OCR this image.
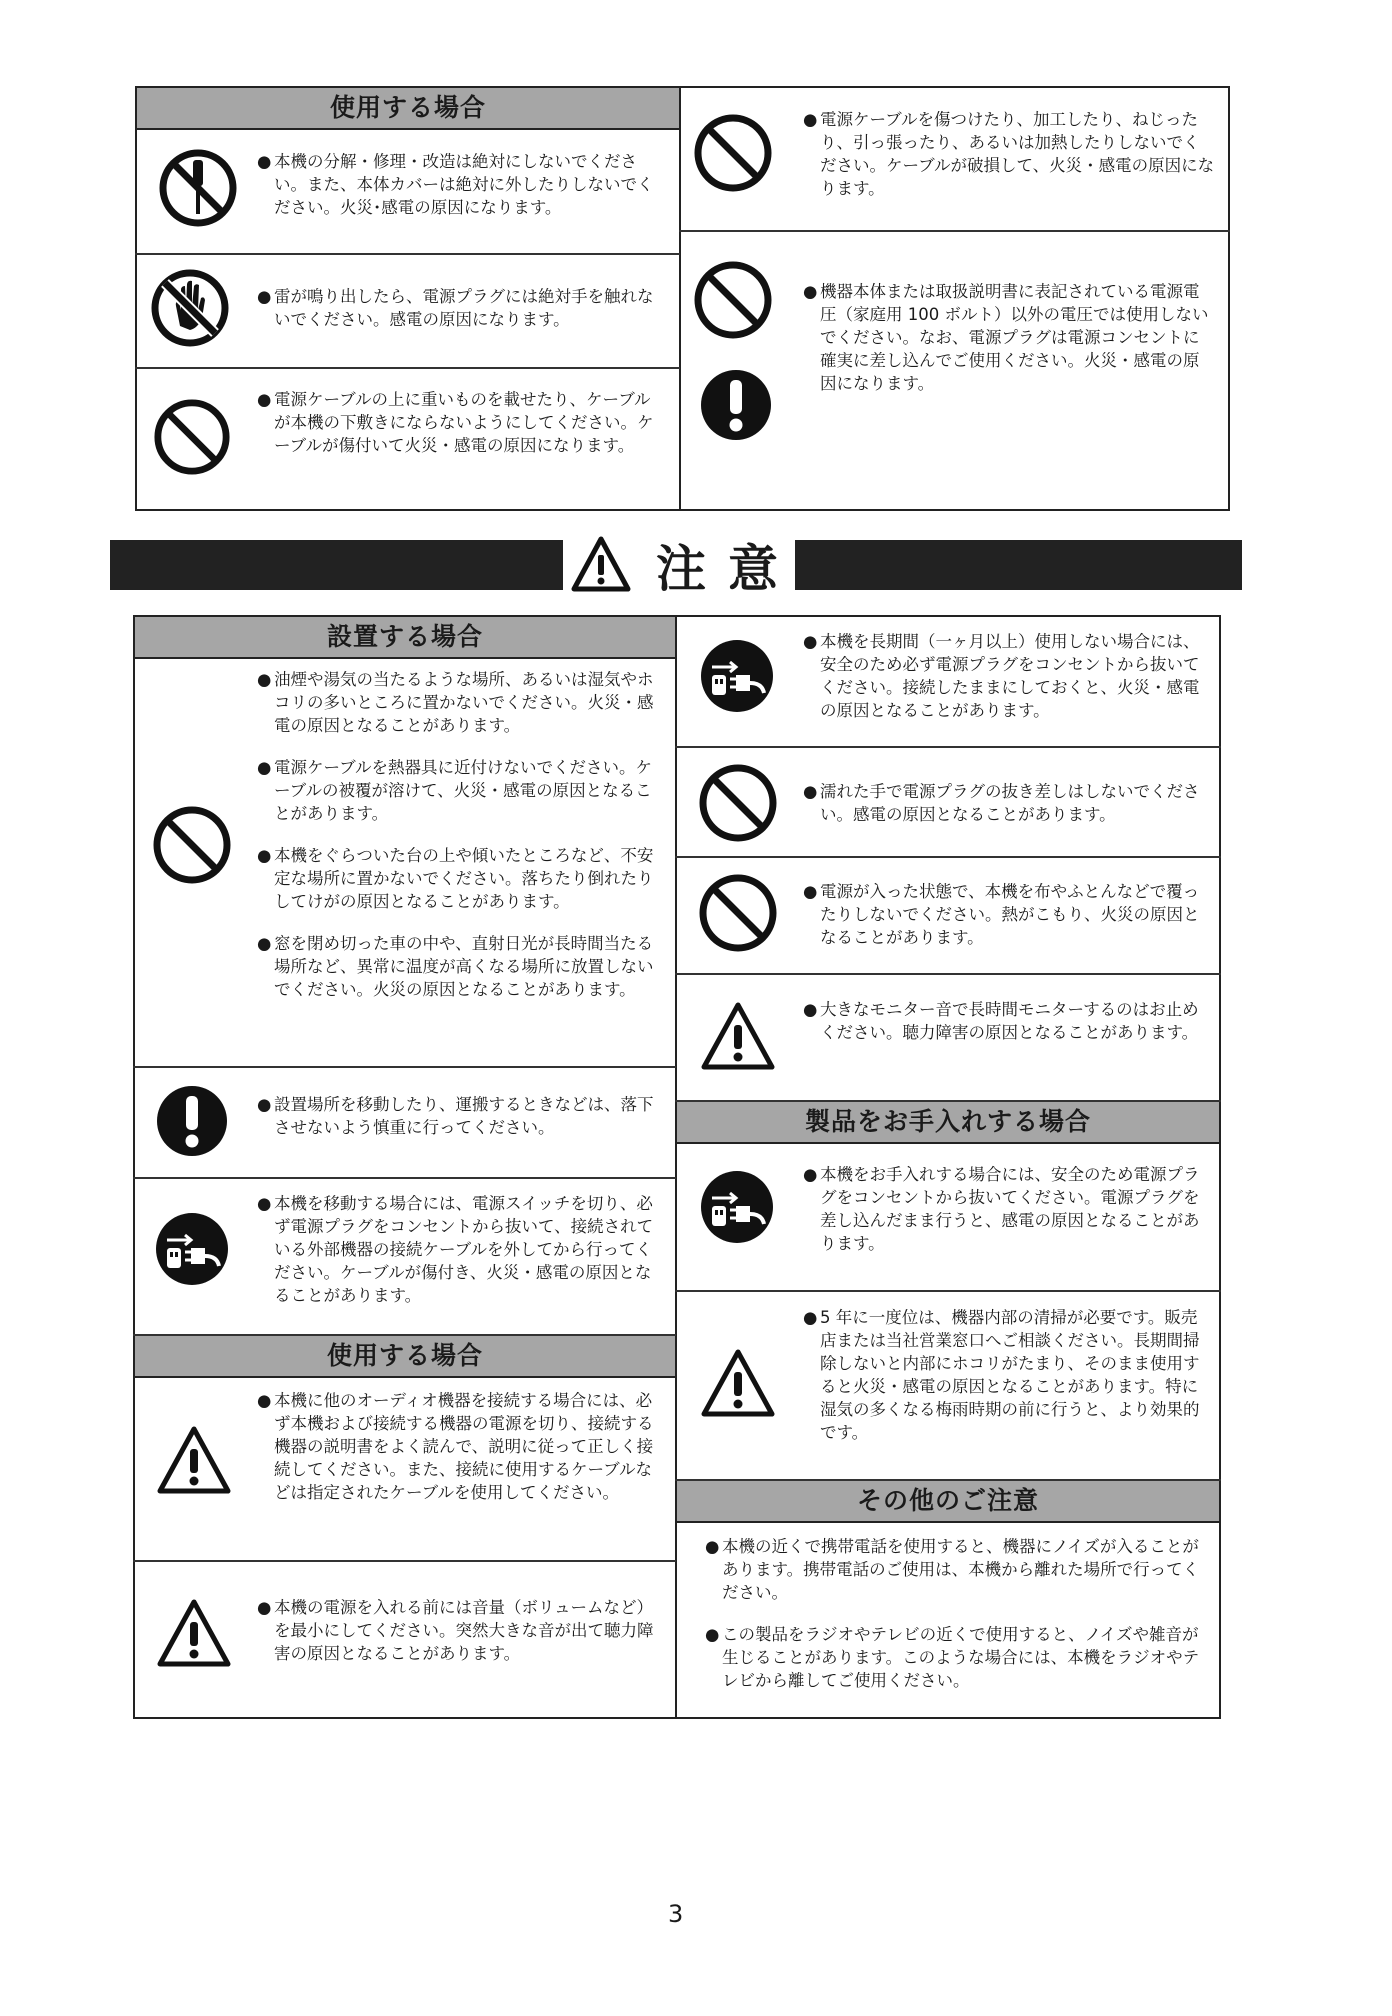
使用する場合

● 本機の分解・修理・改造は絶対にしないでください。また、本体カバーは絶対に外したりしないでください。火災･感電の原因になります。

● 雷が鳴り出したら、電源プラグには絶対手を触れないでください。感電の原因になります。

● 電源ケーブルの上に重いものを載せたり、ケーブルが本機の下敷きにならないようにしてください。ケーブルが傷付いて火災・感電の原因になります。

● 電源ケーブルを傷つけたり、加工したり、ねじったり、引っ張ったり、あるいは加熱したりしないでください。ケーブルが破損して、火災・感電の原因になります。

● 機器本体または取扱説明書に表記されている電源電圧（家庭用 100 ボルト）以外の電圧では使用しないでください。なお、電源プラグは電源コンセントに確実に差し込んでご使用ください。火災・感電の原因になります。

注意
設置する場合

● 油煙や湯気の当たるような場所、あるいは湿気やホコリの多いところに置かないでください。火災・感電の原因となることがあります。

● 電源ケーブルを熱器具に近付けないでください。ケーブルの被覆が溶けて、火災・感電の原因となることがあります。

● 本機をぐらついた台の上や傾いたところなど、不安定な場所に置かないでください。落ちたり倒れたりしてけがの原因となることがあります。

● 窓を閉め切った車の中や、直射日光が長時間当たる場所など、異常に温度が高くなる場所に放置しないでください。火災の原因となることがあります。

● 設置場所を移動したり、運搬するときなどは、落下させないよう慎重に行ってください。

● 本機を移動する場合には、電源スイッチを切り、必ず電源プラグをコンセントから抜いて、接続されている外部機器の接続ケーブルを外してから行ってください。ケーブルが傷付き、火災・感電の原因となることがあります。

使用する場合

● 本機に他のオーディオ機器を接続する場合には、必ず本機および接続する機器の電源を切り、接続する機器の説明書をよく読んで、説明に従って正しく接続してください。また、接続に使用するケーブルなどは指定されたケーブルを使用してください。

● 本機の電源を入れる前には音量（ボリュームなど）を最小にしてください。突然大きな音が出て聴力障害の原因となることがあります。

● 本機を長期間（一ヶ月以上）使用しない場合には、安全のため必ず電源プラグをコンセントから抜いてください。接続したままにしておくと、火災・感電の原因となることがあります。

● 濡れた手で電源プラグの抜き差しはしないでください。感電の原因となることがあります。

● 電源が入った状態で、本機を布やふとんなどで覆ったりしないでください。熱がこもり、火災の原因となることがあります。

● 大きなモニター音で長時間モニターするのはお止めください。聴力障害の原因となることがあります。

製品をお手入れする場合

● 本機をお手入れする場合には、安全のため電源プラグをコンセントから抜いてください。電源プラグを差し込んだまま行うと、感電の原因となることがあります。

● 5 年に一度位は、機器内部の清掃が必要です。販売店または当社営業窓口へご相談ください。長期間掃除しないと内部にホコリがたまり、そのまま使用すると火災・感電の原因となることがあります。特に湿気の多くなる梅雨時期の前に行うと、より効果的です。

その他のご注意

● 本機の近くで携帯電話を使用すると、機器にノイズが入ることがあります。携帯電話のご使用は、本機から離れた場所で行ってください。

● この製品をラジオやテレビの近くで使用すると、ノイズや雑音が生じることがあります。このような場合には、本機をラジオやテレビから離してご使用ください。

3
